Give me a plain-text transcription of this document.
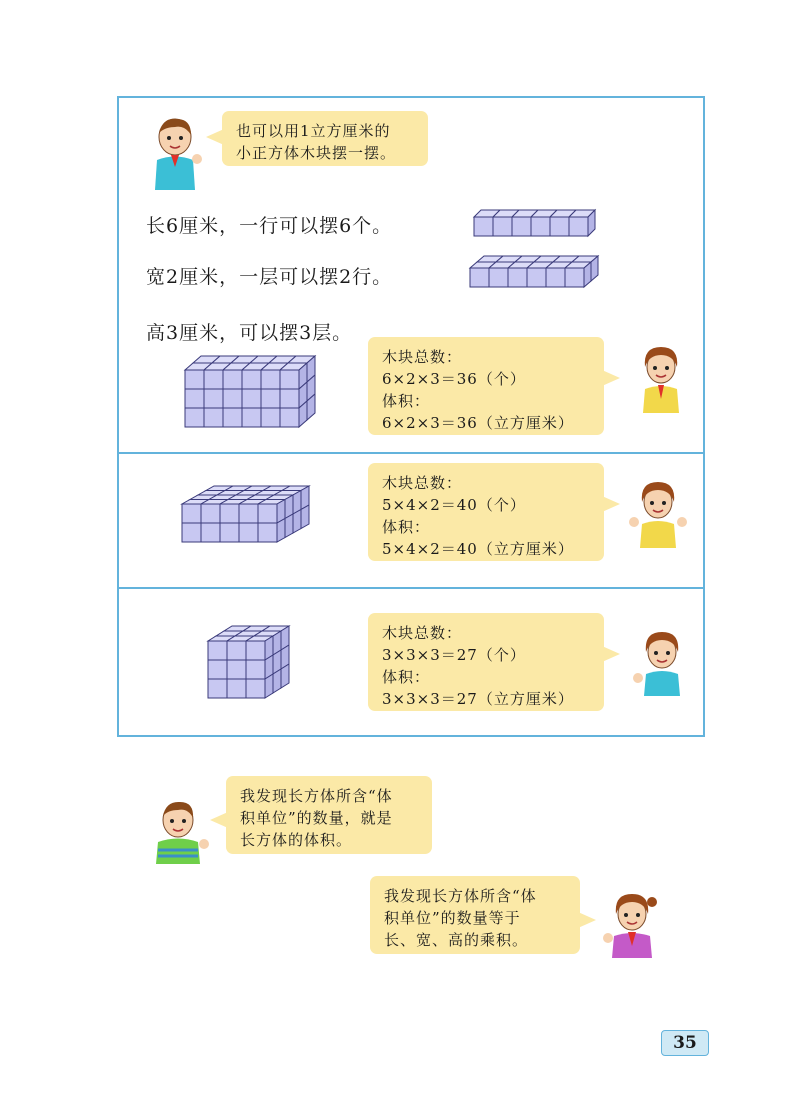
也可以用1立方厘米的
小正方体木块摆一摆。
长6厘米，一行可以摆6个。
宽2厘米，一层可以摆2行。
高3厘米，可以摆3层。
木块总数：
6×2×3＝36（个）
体积：
6×2×3＝36（立方厘米）
木块总数：
5×4×2＝40（个）
体积：
5×4×2＝40（立方厘米）
木块总数：
3×3×3＝27（个）
体积：
3×3×3＝27（立方厘米）
我发现长方体所含“体
积单位”的数量，就是
长方体的体积。
我发现长方体所含“体
积单位”的数量等于
长、宽、高的乘积。
35
